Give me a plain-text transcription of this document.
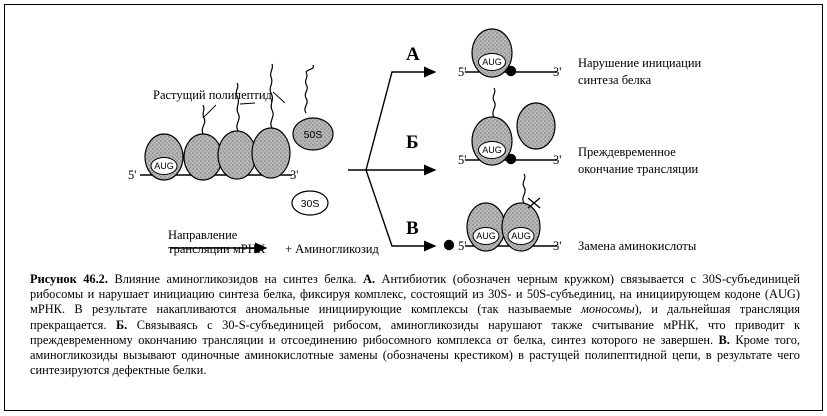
AUG
50S
30S
AUG
AUG
AUG AUG
Растущий полипептид
5'	3'
Направление
трансляции мРНК + Аминогликозид
А
Б
В
5'	3'
5'	3'
5'	3'
Нарушение инициации
синтеза белка
Преждевременное
окончание трансляции
Замена аминокислоты
Рисунок 46.2. Влияние аминогликозидов на синтез белка. А. Антибиотик (обозначен черным кружком) связывается с 30S-субъединицей рибосомы и нарушает инициацию синтеза белка, фиксируя комплекс, состоящий из 30S- и 50S-субъединиц, на инициирующем кодоне (AUG) мРНК. В результате накапливаются аномальные инициирующие комплексы (так называемые моносомы), и дальнейшая трансляция прекращается. Б. Связываясь с 30-S-субъединицей рибосом, аминогликозиды нарушают также считывание мРНК, что приводит к преждевременному окончанию трансляции и отсоединению рибосомного комплекса от белка, синтез которого не завершен. В. Кроме того, аминогликозиды вызывают одиночные аминокислотные замены (обозначены крестиком) в растущей полипептидной цепи, в результате чего синтезируются дефектные белки.
